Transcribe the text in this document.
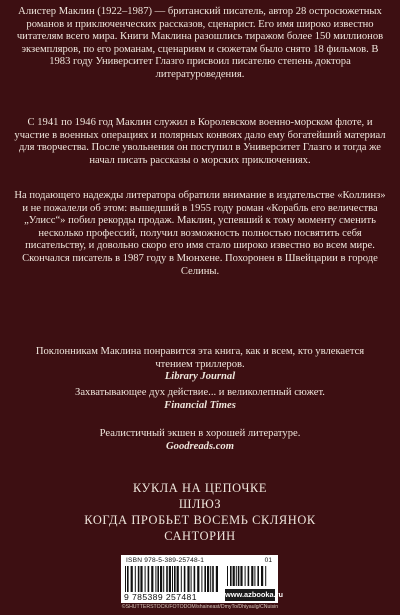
Алистер Маклин (1922–1987) — британский писатель, автор 28 остросюжетных романов и приключенческих рассказов, сценарист. Его имя широко известно читателям всего мира. Книги Маклина разошлись тиражом более 150 миллионов экземпляров, по его романам, сценариям и сюжетам было снято 18 фильмов. В 1983 году Университет Глазго присвоил писателю степень доктора литературоведения.

С 1941 по 1946 год Маклин служил в Королевском военно-морском флоте, и участие в военных операциях и полярных конвоях дало ему богатейший материал для творчества. После увольнения он поступил в Университет Глазго и тогда же начал писать рассказы о морских приключениях.

На подающего надежды литератора обратили внимание в издательстве «Коллинз» и не пожалели об этом: вышедший в 1955 году роман «Корабль его величества „Улисс“» побил рекорды продаж. Маклин, успевший к тому моменту сменить несколько профессий, получил возможность полностью посвятить себя писательству, и довольно скоро его имя стало широко известно во всем мире. Скончался писатель в 1987 году в Мюнхене. Похоронен в Швейцарии в городе Селины.

Поклонникам Маклина понравится эта книга, как и всем, кто увлекается чтением триллеров.
Library Journal
Захватывающее дух действие... и великолепный сюжет.
Financial Times
Реалистичный экшен в хорошей литературе.
Goodreads.com
КУКЛА НА ЦЕПОЧКЕ
ШЛЮЗ
КОГДА ПРОБЬЕТ ВОСЕМЬ СКЛЯНОК
САНТОРИН
ISBN 978-5-389-25748-1	01
9 785389 257481	www.azbooka.ru
©SHUTTERSTOCK/FOTODOM/shaineast/DmyTo/Dhiyaulg/CNuisin
